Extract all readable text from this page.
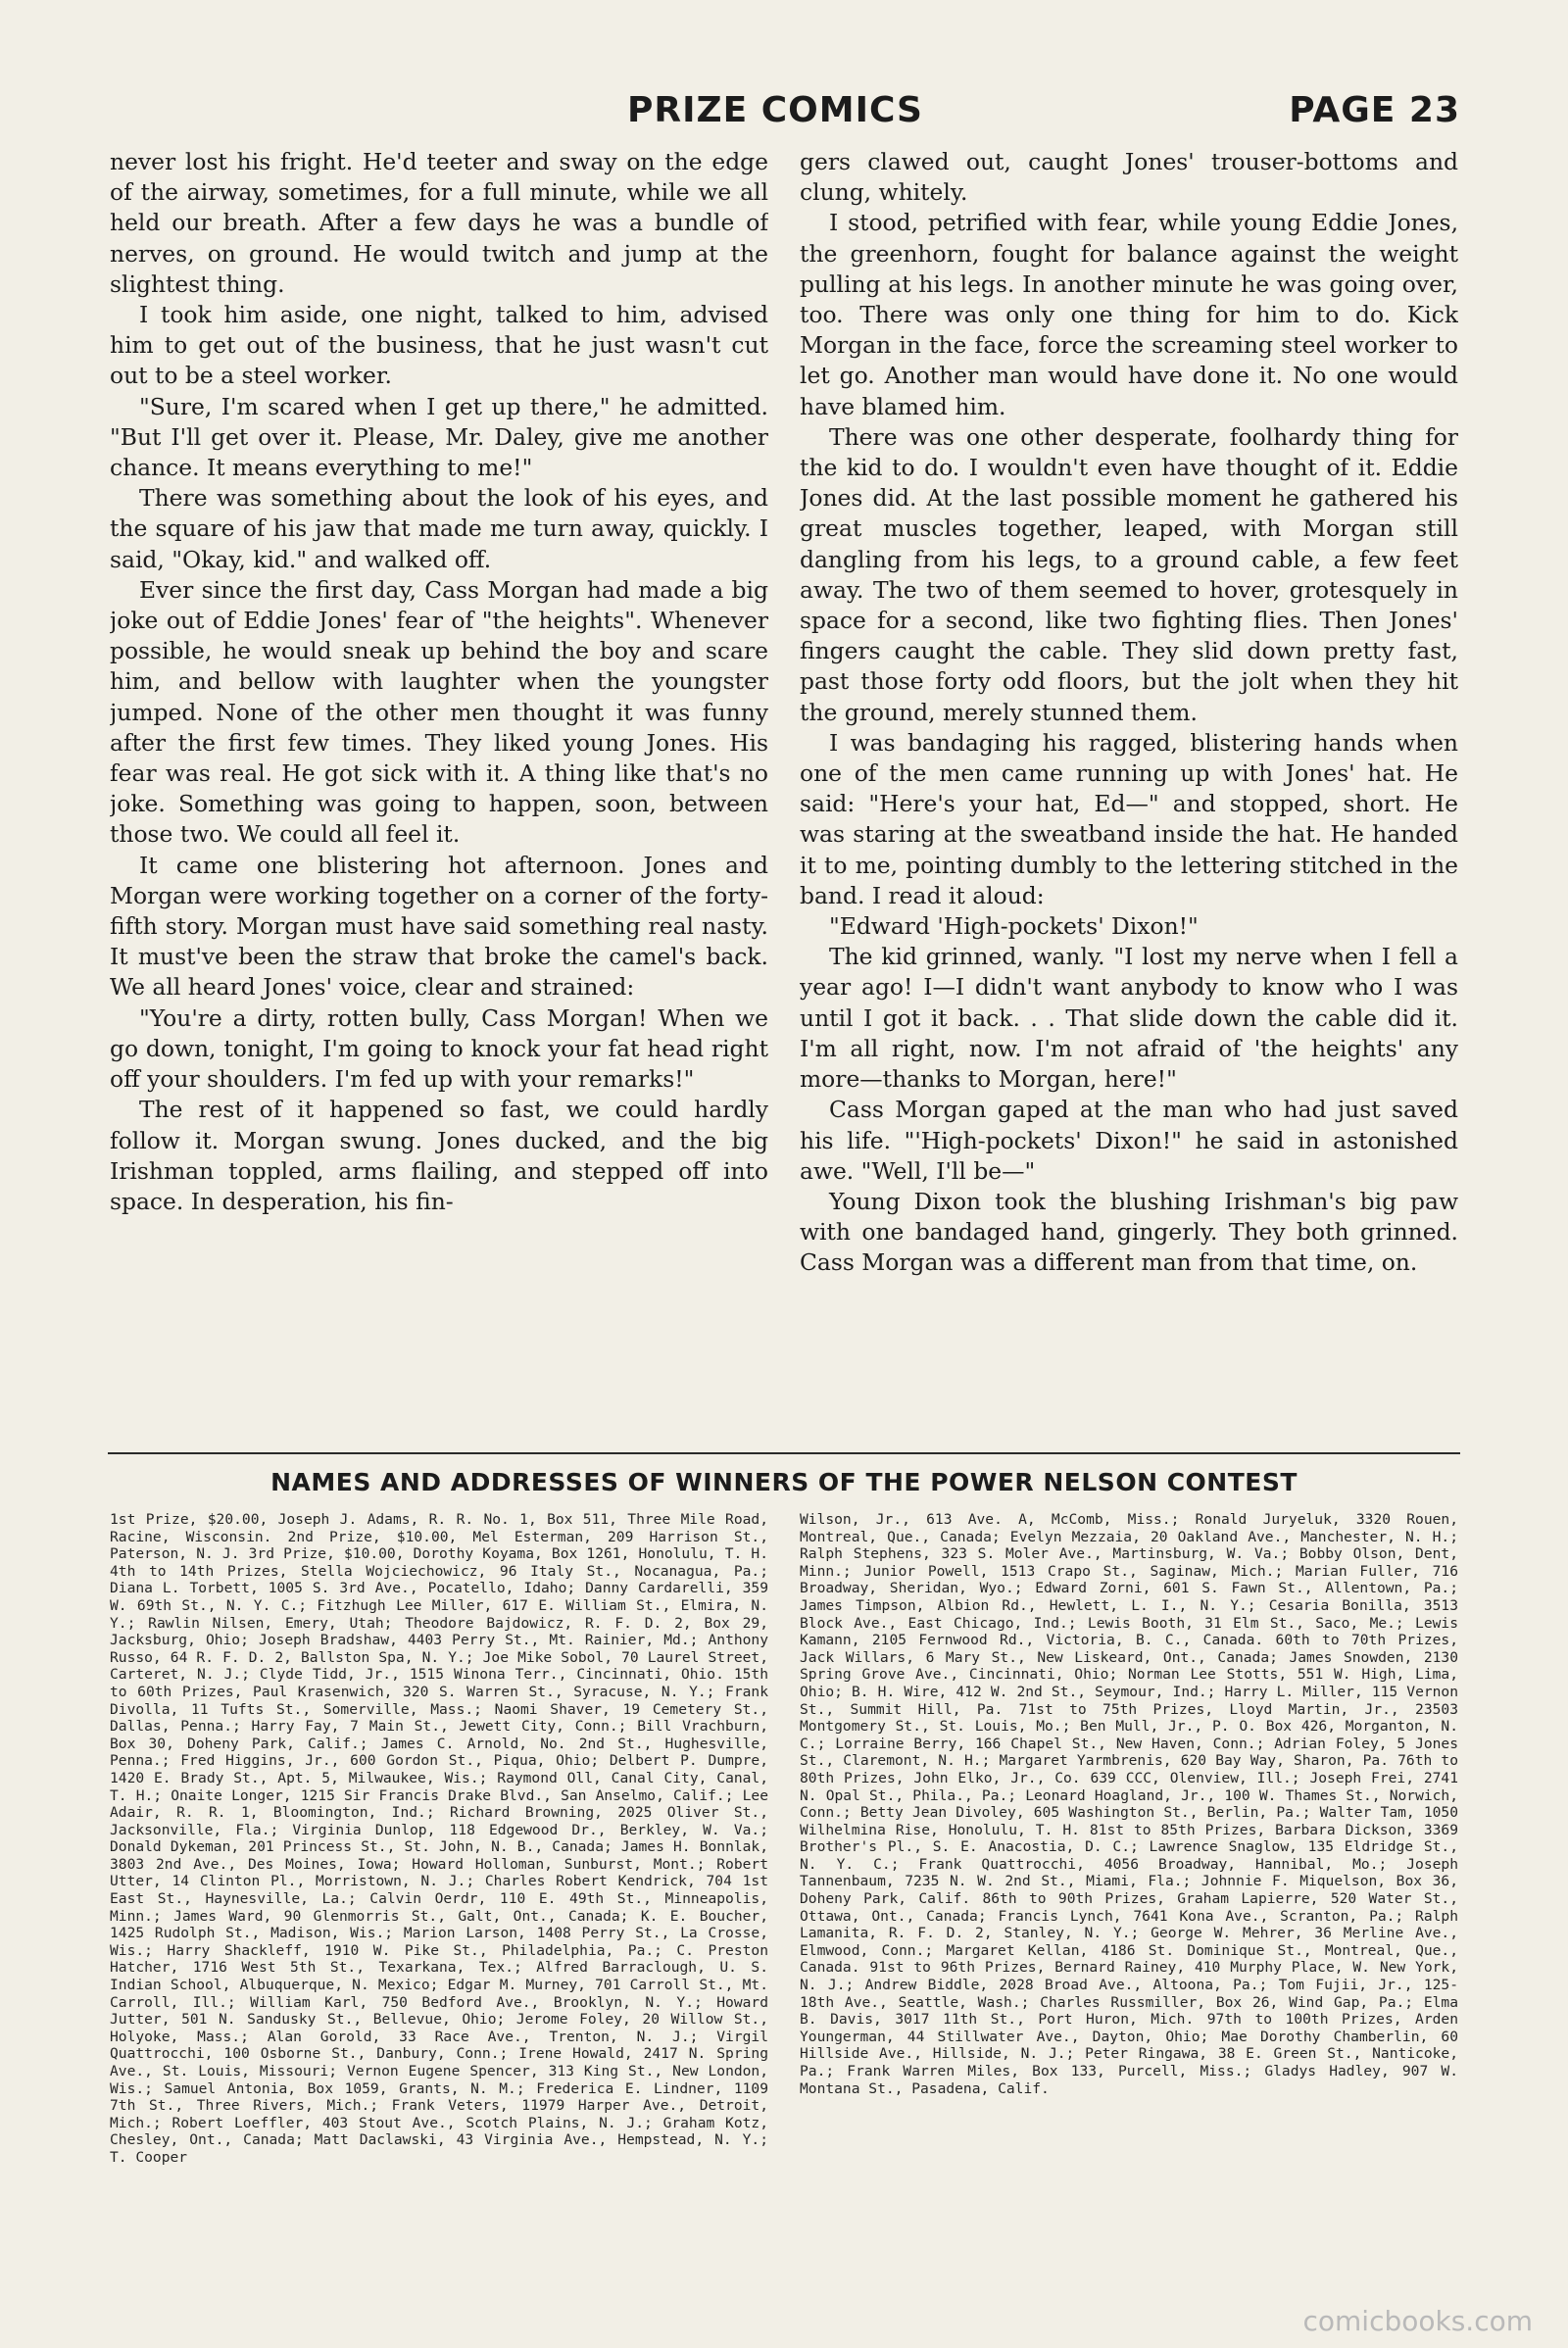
PRIZE COMICS	PAGE 23

never lost his fright. He'd teeter and sway on the edge of the airway, sometimes, for a full minute, while we all held our breath. After a few days he was a bundle of nerves, on ground. He would twitch and jump at the slightest thing.

I took him aside, one night, talked to him, advised him to get out of the business, that he just wasn't cut out to be a steel worker.

"Sure, I'm scared when I get up there," he admitted. "But I'll get over it. Please, Mr. Daley, give me another chance. It means everything to me!"

There was something about the look of his eyes, and the square of his jaw that made me turn away, quickly. I said, "Okay, kid." and walked off.

Ever since the first day, Cass Morgan had made a big joke out of Eddie Jones' fear of "the heights". Whenever possible, he would sneak up behind the boy and scare him, and bellow with laughter when the youngster jumped. None of the other men thought it was funny after the first few times. They liked young Jones. His fear was real. He got sick with it. A thing like that's no joke. Something was going to happen, soon, between those two. We could all feel it.

It came one blistering hot afternoon. Jones and Morgan were working together on a corner of the forty-fifth story. Morgan must have said something real nasty. It must've been the straw that broke the camel's back. We all heard Jones' voice, clear and strained:

"You're a dirty, rotten bully, Cass Morgan! When we go down, tonight, I'm going to knock your fat head right off your shoulders. I'm fed up with your remarks!"

The rest of it happened so fast, we could hardly follow it. Morgan swung. Jones ducked, and the big Irishman toppled, arms flailing, and stepped off into space. In desperation, his fin-

gers clawed out, caught Jones' trouser-bottoms and clung, whitely.

I stood, petrified with fear, while young Eddie Jones, the greenhorn, fought for balance against the weight pulling at his legs. In another minute he was going over, too. There was only one thing for him to do. Kick Morgan in the face, force the screaming steel worker to let go. Another man would have done it. No one would have blamed him.

There was one other desperate, foolhardy thing for the kid to do. I wouldn't even have thought of it. Eddie Jones did. At the last possible moment he gathered his great muscles together, leaped, with Morgan still dangling from his legs, to a ground cable, a few feet away. The two of them seemed to hover, grotesquely in space for a second, like two fighting flies. Then Jones' fingers caught the cable. They slid down pretty fast, past those forty odd floors, but the jolt when they hit the ground, merely stunned them.

I was bandaging his ragged, blistering hands when one of the men came running up with Jones' hat. He said: "Here's your hat, Ed—" and stopped, short. He was staring at the sweatband inside the hat. He handed it to me, pointing dumbly to the lettering stitched in the band. I read it aloud:

"Edward 'High-pockets' Dixon!"

The kid grinned, wanly. "I lost my nerve when I fell a year ago! I—I didn't want anybody to know who I was until I got it back. . . That slide down the cable did it. I'm all right, now. I'm not afraid of 'the heights' any more—thanks to Morgan, here!"

Cass Morgan gaped at the man who had just saved his life. "'High-pockets' Dixon!" he said in astonished awe. "Well, I'll be—"

Young Dixon took the blushing Irishman's big paw with one bandaged hand, gingerly. They both grinned. Cass Morgan was a different man from that time, on.

NAMES AND ADDRESSES OF WINNERS OF THE POWER NELSON CONTEST
1st Prize, $20.00, Joseph J. Adams, R. R. No. 1, Box 511, Three Mile Road, Racine, Wisconsin. 2nd Prize, $10.00, Mel Esterman, 209 Harrison St., Paterson, N. J. 3rd Prize, $10.00, Dorothy Koyama, Box 1261, Honolulu, T. H. 4th to 14th Prizes, Stella Wojciechowicz, 96 Italy St., Nocanagua, Pa.; Diana L. Torbett, 1005 S. 3rd Ave., Pocatello, Idaho; Danny Cardarelli, 359 W. 69th St., N. Y. C.; Fitzhugh Lee Miller, 617 E. William St., Elmira, N. Y.; Rawlin Nilsen, Emery, Utah; Theodore Bajdowicz, R. F. D. 2, Box 29, Jacksburg, Ohio; Joseph Bradshaw, 4403 Perry St., Mt. Rainier, Md.; Anthony Russo, 64 R. F. D. 2, Ballston Spa, N. Y.; Joe Mike Sobol, 70 Laurel Street, Carteret, N. J.; Clyde Tidd, Jr., 1515 Winona Terr., Cincinnati, Ohio. 15th to 60th Prizes, Paul Krasenwich, 320 S. Warren St., Syracuse, N. Y.; Frank Divolla, 11 Tufts St., Somerville, Mass.; Naomi Shaver, 19 Cemetery St., Dallas, Penna.; Harry Fay, 7 Main St., Jewett City, Conn.; Bill Vrachburn, Box 30, Doheny Park, Calif.; James C. Arnold, No. 2nd St., Hughesville, Penna.; Fred Higgins, Jr., 600 Gordon St., Piqua, Ohio; Delbert P. Dumpre, 1420 E. Brady St., Apt. 5, Milwaukee, Wis.; Raymond Oll, Canal City, Canal, T. H.; Onaite Longer, 1215 Sir Francis Drake Blvd., San Anselmo, Calif.; Lee Adair, R. R. 1, Bloomington, Ind.; Richard Browning, 2025 Oliver St., Jacksonville, Fla.; Virginia Dunlop, 118 Edgewood Dr., Berkley, W. Va.; Donald Dykeman, 201 Princess St., St. John, N. B., Canada; James H. Bonnlak, 3803 2nd Ave., Des Moines, Iowa; Howard Holloman, Sunburst, Mont.; Robert Utter, 14 Clinton Pl., Morristown, N. J.; Charles Robert Kendrick, 704 1st East St., Haynesville, La.; Calvin Oerdr, 110 E. 49th St., Minneapolis, Minn.; James Ward, 90 Glenmorris St., Galt, Ont., Canada; K. E. Boucher, 1425 Rudolph St., Madison, Wis.; Marion Larson, 1408 Perry St., La Crosse, Wis.; Harry Shackleff, 1910 W. Pike St., Philadelphia, Pa.; C. Preston Hatcher, 1716 West 5th St., Texarkana, Tex.; Alfred Barraclough, U. S. Indian School, Albuquerque, N. Mexico; Edgar M. Murney, 701 Carroll St., Mt. Carroll, Ill.; William Karl, 750 Bedford Ave., Brooklyn, N. Y.; Howard Jutter, 501 N. Sandusky St., Bellevue, Ohio; Jerome Foley, 20 Willow St., Holyoke, Mass.; Alan Gorold, 33 Race Ave., Trenton, N. J.; Virgil Quattrocchi, 100 Osborne St., Danbury, Conn.; Irene Howald, 2417 N. Spring Ave., St. Louis, Missouri; Vernon Eugene Spencer, 313 King St., New London, Wis.; Samuel Antonia, Box 1059, Grants, N. M.; Frederica E. Lindner, 1109 7th St., Three Rivers, Mich.; Frank Veters, 11979 Harper Ave., Detroit, Mich.; Robert Loeffler, 403 Stout Ave., Scotch Plains, N. J.; Graham Kotz, Chesley, Ont., Canada; Matt Daclawski, 43 Virginia Ave., Hempstead, N. Y.; T. Cooper
Wilson, Jr., 613 Ave. A, McComb, Miss.; Ronald Juryeluk, 3320 Rouen, Montreal, Que., Canada; Evelyn Mezzaia, 20 Oakland Ave., Manchester, N. H.; Ralph Stephens, 323 S. Moler Ave., Martinsburg, W. Va.; Bobby Olson, Dent, Minn.; Junior Powell, 1513 Crapo St., Saginaw, Mich.; Marian Fuller, 716 Broadway, Sheridan, Wyo.; Edward Zorni, 601 S. Fawn St., Allentown, Pa.; James Timpson, Albion Rd., Hewlett, L. I., N. Y.; Cesaria Bonilla, 3513 Block Ave., East Chicago, Ind.; Lewis Booth, 31 Elm St., Saco, Me.; Lewis Kamann, 2105 Fernwood Rd., Victoria, B. C., Canada. 60th to 70th Prizes, Jack Willars, 6 Mary St., New Liskeard, Ont., Canada; James Snowden, 2130 Spring Grove Ave., Cincinnati, Ohio; Norman Lee Stotts, 551 W. High, Lima, Ohio; B. H. Wire, 412 W. 2nd St., Seymour, Ind.; Harry L. Miller, 115 Vernon St., Summit Hill, Pa. 71st to 75th Prizes, Lloyd Martin, Jr., 23503 Montgomery St., St. Louis, Mo.; Ben Mull, Jr., P. O. Box 426, Morganton, N. C.; Lorraine Berry, 166 Chapel St., New Haven, Conn.; Adrian Foley, 5 Jones St., Claremont, N. H.; Margaret Yarmbrenis, 620 Bay Way, Sharon, Pa. 76th to 80th Prizes, John Elko, Jr., Co. 639 CCC, Olenview, Ill.; Joseph Frei, 2741 N. Opal St., Phila., Pa.; Leonard Hoagland, Jr., 100 W. Thames St., Norwich, Conn.; Betty Jean Divoley, 605 Washington St., Berlin, Pa.; Walter Tam, 1050 Wilhelmina Rise, Honolulu, T. H. 81st to 85th Prizes, Barbara Dickson, 3369 Brother's Pl., S. E. Anacostia, D. C.; Lawrence Snaglow, 135 Eldridge St., N. Y. C.; Frank Quattrocchi, 4056 Broadway, Hannibal, Mo.; Joseph Tannenbaum, 7235 N. W. 2nd St., Miami, Fla.; Johnnie F. Miquelson, Box 36, Doheny Park, Calif. 86th to 90th Prizes, Graham Lapierre, 520 Water St., Ottawa, Ont., Canada; Francis Lynch, 7641 Kona Ave., Scranton, Pa.; Ralph Lamanita, R. F. D. 2, Stanley, N. Y.; George W. Mehrer, 36 Merline Ave., Elmwood, Conn.; Margaret Kellan, 4186 St. Dominique St., Montreal, Que., Canada. 91st to 96th Prizes, Bernard Rainey, 410 Murphy Place, W. New York, N. J.; Andrew Biddle, 2028 Broad Ave., Altoona, Pa.; Tom Fujii, Jr., 125-18th Ave., Seattle, Wash.; Charles Russmiller, Box 26, Wind Gap, Pa.; Elma B. Davis, 3017 11th St., Port Huron, Mich. 97th to 100th Prizes, Arden Youngerman, 44 Stillwater Ave., Dayton, Ohio; Mae Dorothy Chamberlin, 60 Hillside Ave., Hillside, N. J.; Peter Ringawa, 38 E. Green St., Nanticoke, Pa.; Frank Warren Miles, Box 133, Purcell, Miss.; Gladys Hadley, 907 W. Montana St., Pasadena, Calif.
comicbooks.com
